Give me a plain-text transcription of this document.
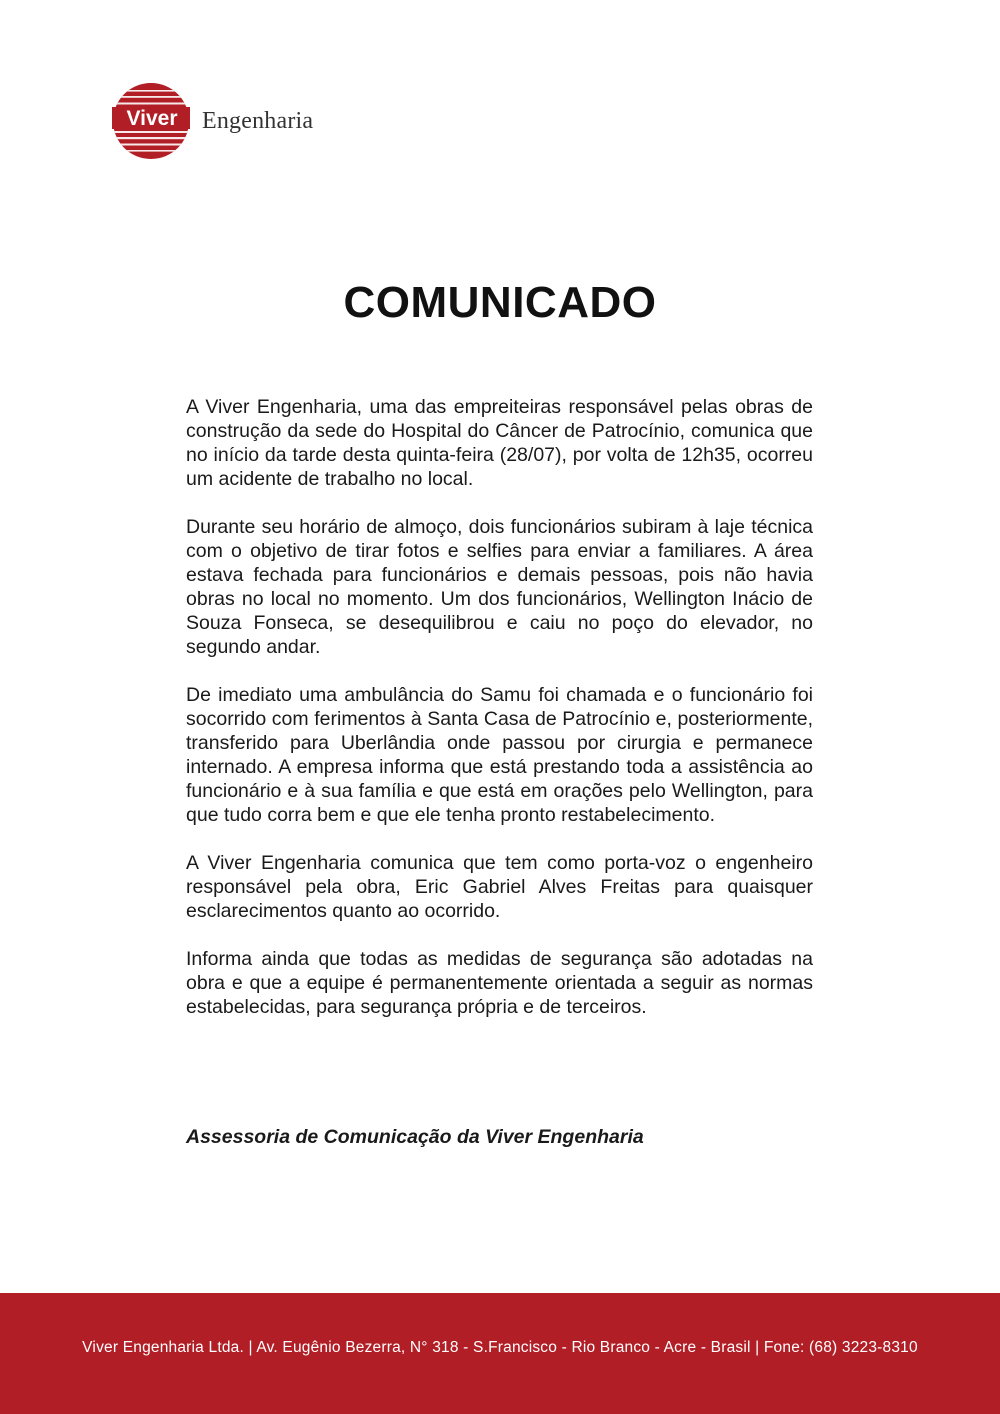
Viver Engenharia
COMUNICADO

A Viver Engenharia, uma das empreiteiras responsável pelas obras de construção da sede do Hospital do Câncer de Patrocínio, comunica que no início da tarde desta quinta-feira (28/07), por volta de 12h35, ocorreu um acidente de trabalho no local.

Durante seu horário de almoço, dois funcionários subiram à laje técnica com o objetivo de tirar fotos e selfies para enviar a familiares. A área estava fechada para funcionários e demais pessoas, pois não havia obras no local no momento. Um dos funcionários, Wellington Inácio de Souza Fonseca, se desequilibrou e caiu no poço do elevador, no segundo andar.

De imediato uma ambulância do Samu foi chamada e o funcionário foi socorrido com ferimentos à Santa Casa de Patrocínio e, posteriormente, transferido para Uberlândia onde passou por cirurgia e permanece internado. A empresa informa que está prestando toda a assistência ao funcionário e à sua família e que está em orações pelo Wellington, para que tudo corra bem e que ele tenha pronto restabelecimento.

A Viver Engenharia comunica que tem como porta-voz o engenheiro responsável pela obra, Eric Gabriel Alves Freitas para quaisquer esclarecimentos quanto ao ocorrido.

Informa ainda que todas as medidas de segurança são adotadas na obra e que a equipe é permanentemente orientada a seguir as normas estabelecidas, para segurança própria e de terceiros.

Assessoria de Comunicação da Viver Engenharia
Viver Engenharia Ltda. | Av. Eugênio Bezerra, N° 318 - S.Francisco - Rio Branco - Acre - Brasil | Fone: (68) 3223-8310
